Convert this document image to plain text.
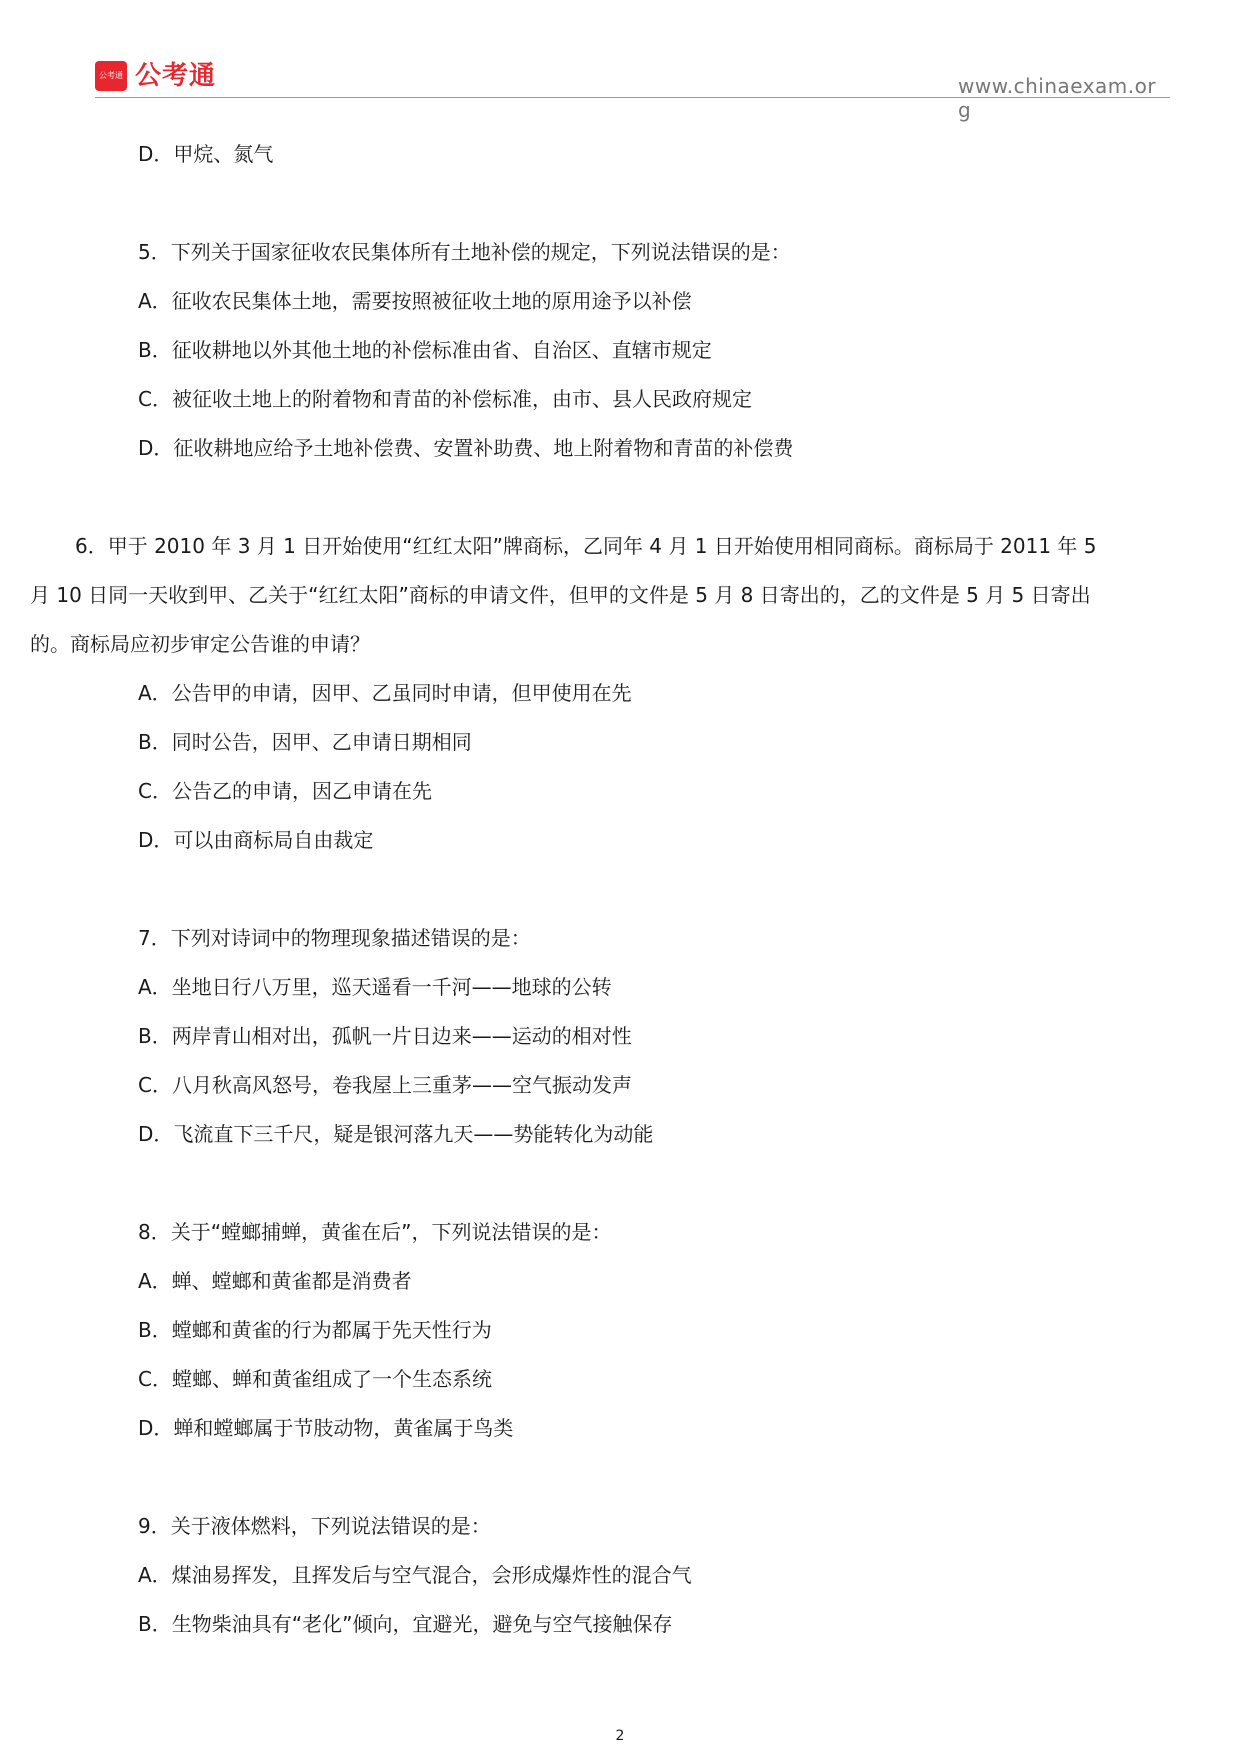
公考通 公考通	www.chinaexam.org
D．甲烷、氮气
5．下列关于国家征收农民集体所有土地补偿的规定，下列说法错误的是：
A．征收农民集体土地，需要按照被征收土地的原用途予以补偿
B．征收耕地以外其他土地的补偿标准由省、自治区、直辖市规定
C．被征收土地上的附着物和青苗的补偿标准，由市、县人民政府规定
D．征收耕地应给予土地补偿费、安置补助费、地上附着物和青苗的补偿费
6．甲于 2010 年 3 月 1 日开始使用“红红太阳”牌商标，乙同年 4 月 1 日开始使用相同商标。商标局于 2011 年 5 月 10 日同一天收到甲、乙关于“红红太阳”商标的申请文件，但甲的文件是 5 月 8 日寄出的，乙的文件是 5 月 5 日寄出的。商标局应初步审定公告谁的申请？
A．公告甲的申请，因甲、乙虽同时申请，但甲使用在先
B．同时公告，因甲、乙申请日期相同
C．公告乙的申请，因乙申请在先
D．可以由商标局自由裁定
7．下列对诗词中的物理现象描述错误的是：
A．坐地日行八万里，巡天遥看一千河——地球的公转
B．两岸青山相对出，孤帆一片日边来——运动的相对性
C．八月秋高风怒号，卷我屋上三重茅——空气振动发声
D．飞流直下三千尺，疑是银河落九天——势能转化为动能
8．关于“螳螂捕蝉，黄雀在后”，下列说法错误的是：
A．蝉、螳螂和黄雀都是消费者
B．螳螂和黄雀的行为都属于先天性行为
C．螳螂、蝉和黄雀组成了一个生态系统
D．蝉和螳螂属于节肢动物，黄雀属于鸟类
9．关于液体燃料，下列说法错误的是：
A．煤油易挥发，且挥发后与空气混合，会形成爆炸性的混合气
B．生物柴油具有“老化”倾向，宜避光，避免与空气接触保存
2
